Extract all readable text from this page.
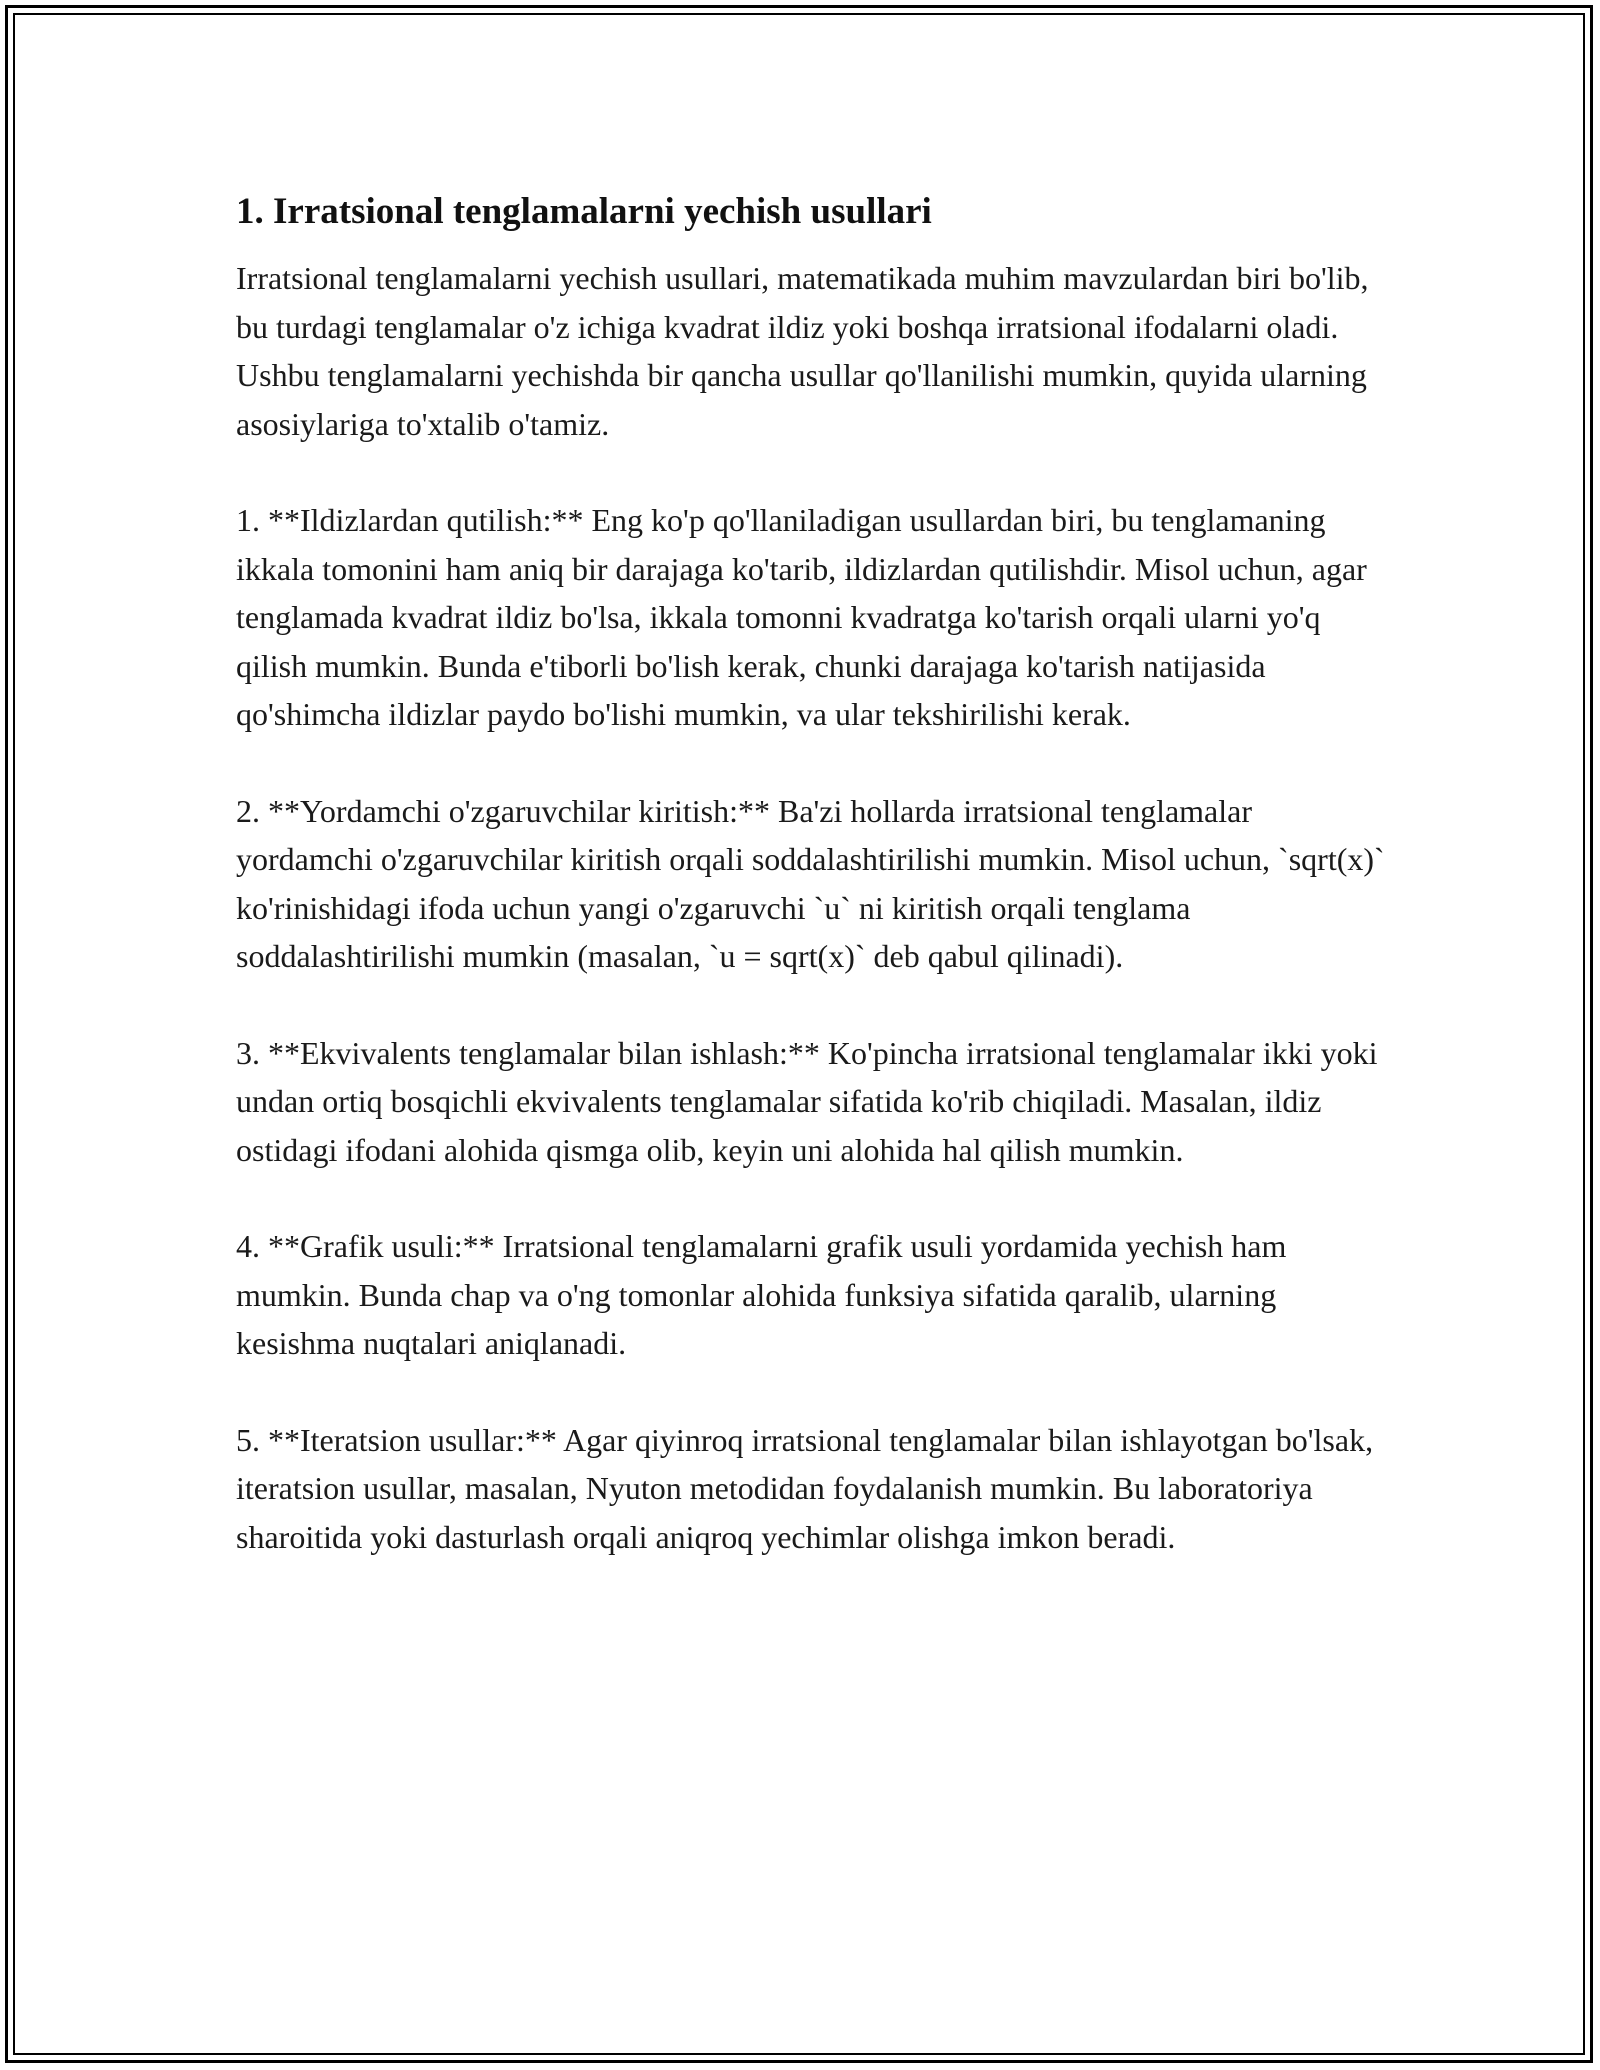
1. Irratsional tenglamalarni yechish usullari

Irratsional tenglamalarni yechish usullari, matematikada muhim mavzulardan biri bo'lib, bu turdagi tenglamalar o'z ichiga kvadrat ildiz yoki boshqa irratsional ifodalarni oladi. Ushbu tenglamalarni yechishda bir qancha usullar qo'llanilishi mumkin, quyida ularning asosiylariga to'xtalib o'tamiz.

1. **Ildizlardan qutilish:** Eng ko'p qo'llaniladigan usullardan biri, bu tenglamaning ikkala tomonini ham aniq bir darajaga ko'tarib, ildizlardan qutilishdir. Misol uchun, agar tenglamada kvadrat ildiz bo'lsa, ikkala tomonni kvadratga ko'tarish orqali ularni yo'q qilish mumkin. Bunda e'tiborli bo'lish kerak, chunki darajaga ko'tarish natijasida qo'shimcha ildizlar paydo bo'lishi mumkin, va ular tekshirilishi kerak.

2. **Yordamchi o'zgaruvchilar kiritish:** Ba'zi hollarda irratsional tenglamalar yordamchi o'zgaruvchilar kiritish orqali soddalashtirilishi mumkin. Misol uchun, `sqrt(x)` ko'rinishidagi ifoda uchun yangi o'zgaruvchi `u` ni kiritish orqali tenglama soddalashtirilishi mumkin (masalan, `u = sqrt(x)` deb qabul qilinadi).

3. **Ekvivalents tenglamalar bilan ishlash:** Ko'pincha irratsional tenglamalar ikki yoki undan ortiq bosqichli ekvivalents tenglamalar sifatida ko'rib chiqiladi. Masalan, ildiz ostidagi ifodani alohida qismga olib, keyin uni alohida hal qilish mumkin.

4. **Grafik usuli:** Irratsional tenglamalarni grafik usuli yordamida yechish ham mumkin. Bunda chap va o'ng tomonlar alohida funksiya sifatida qaralib, ularning kesishma nuqtalari aniqlanadi.

5. **Iteratsion usullar:** Agar qiyinroq irratsional tenglamalar bilan ishlayotgan bo'lsak, iteratsion usullar, masalan, Nyuton metodidan foydalanish mumkin. Bu laboratoriya sharoitida yoki dasturlash orqali aniqroq yechimlar olishga imkon beradi.
